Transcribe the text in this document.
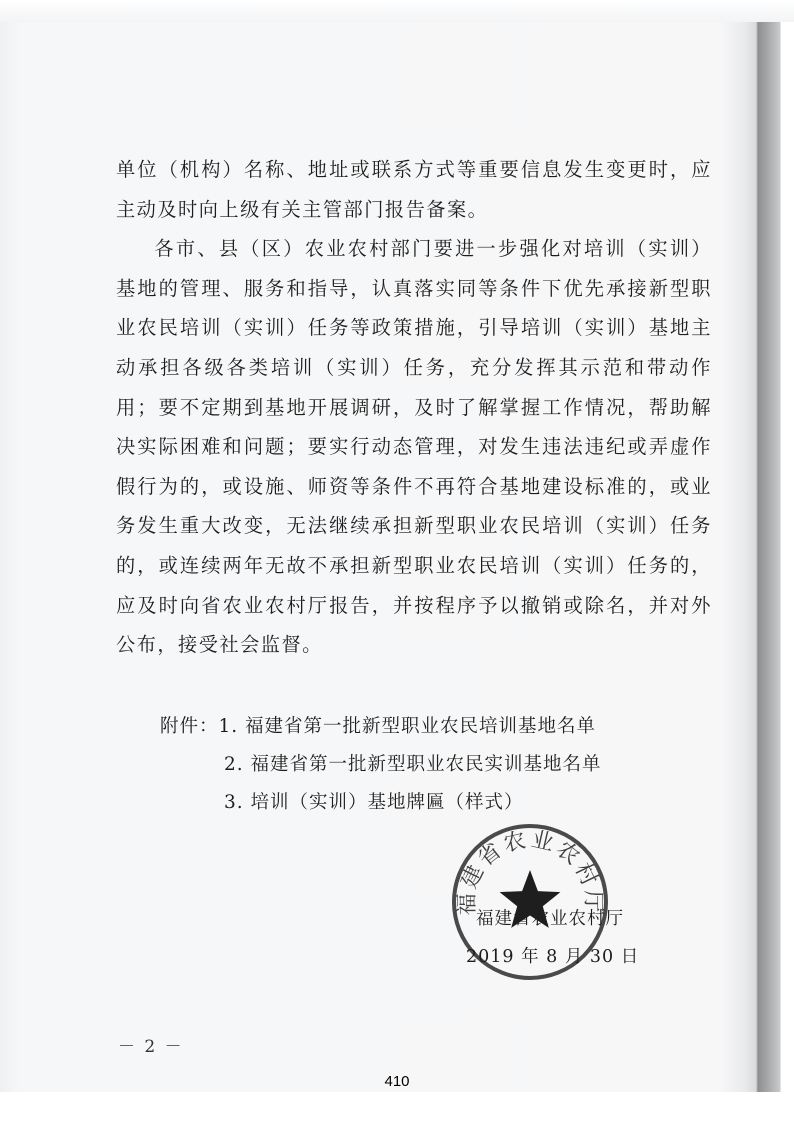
单位（机构）名称、地址或联系方式等重要信息发生变更时，应主动及时向上级有关主管部门报告备案。

各市、县（区）农业农村部门要进一步强化对培训（实训）基地的管理、服务和指导，认真落实同等条件下优先承接新型职业农民培训（实训）任务等政策措施，引导培训（实训）基地主动承担各级各类培训（实训）任务，充分发挥其示范和带动作用；要不定期到基地开展调研，及时了解掌握工作情况，帮助解决实际困难和问题；要实行动态管理，对发生违法违纪或弄虚作假行为的，或设施、师资等条件不再符合基地建设标准的，或业务发生重大改变，无法继续承担新型职业农民培训（实训）任务的，或连续两年无故不承担新型职业农民培训（实训）任务的，应及时向省农业农村厅报告，并按程序予以撤销或除名，并对外公布，接受社会监督。

附件：1. 福建省第一批新型职业农民培训基地名单
2. 福建省第一批新型职业农民实训基地名单
3. 培训（实训）基地牌匾（样式）
福建省农业农村厅
福建省农业农村厅
2019 年 8 月 30 日
－ 2 －
410
